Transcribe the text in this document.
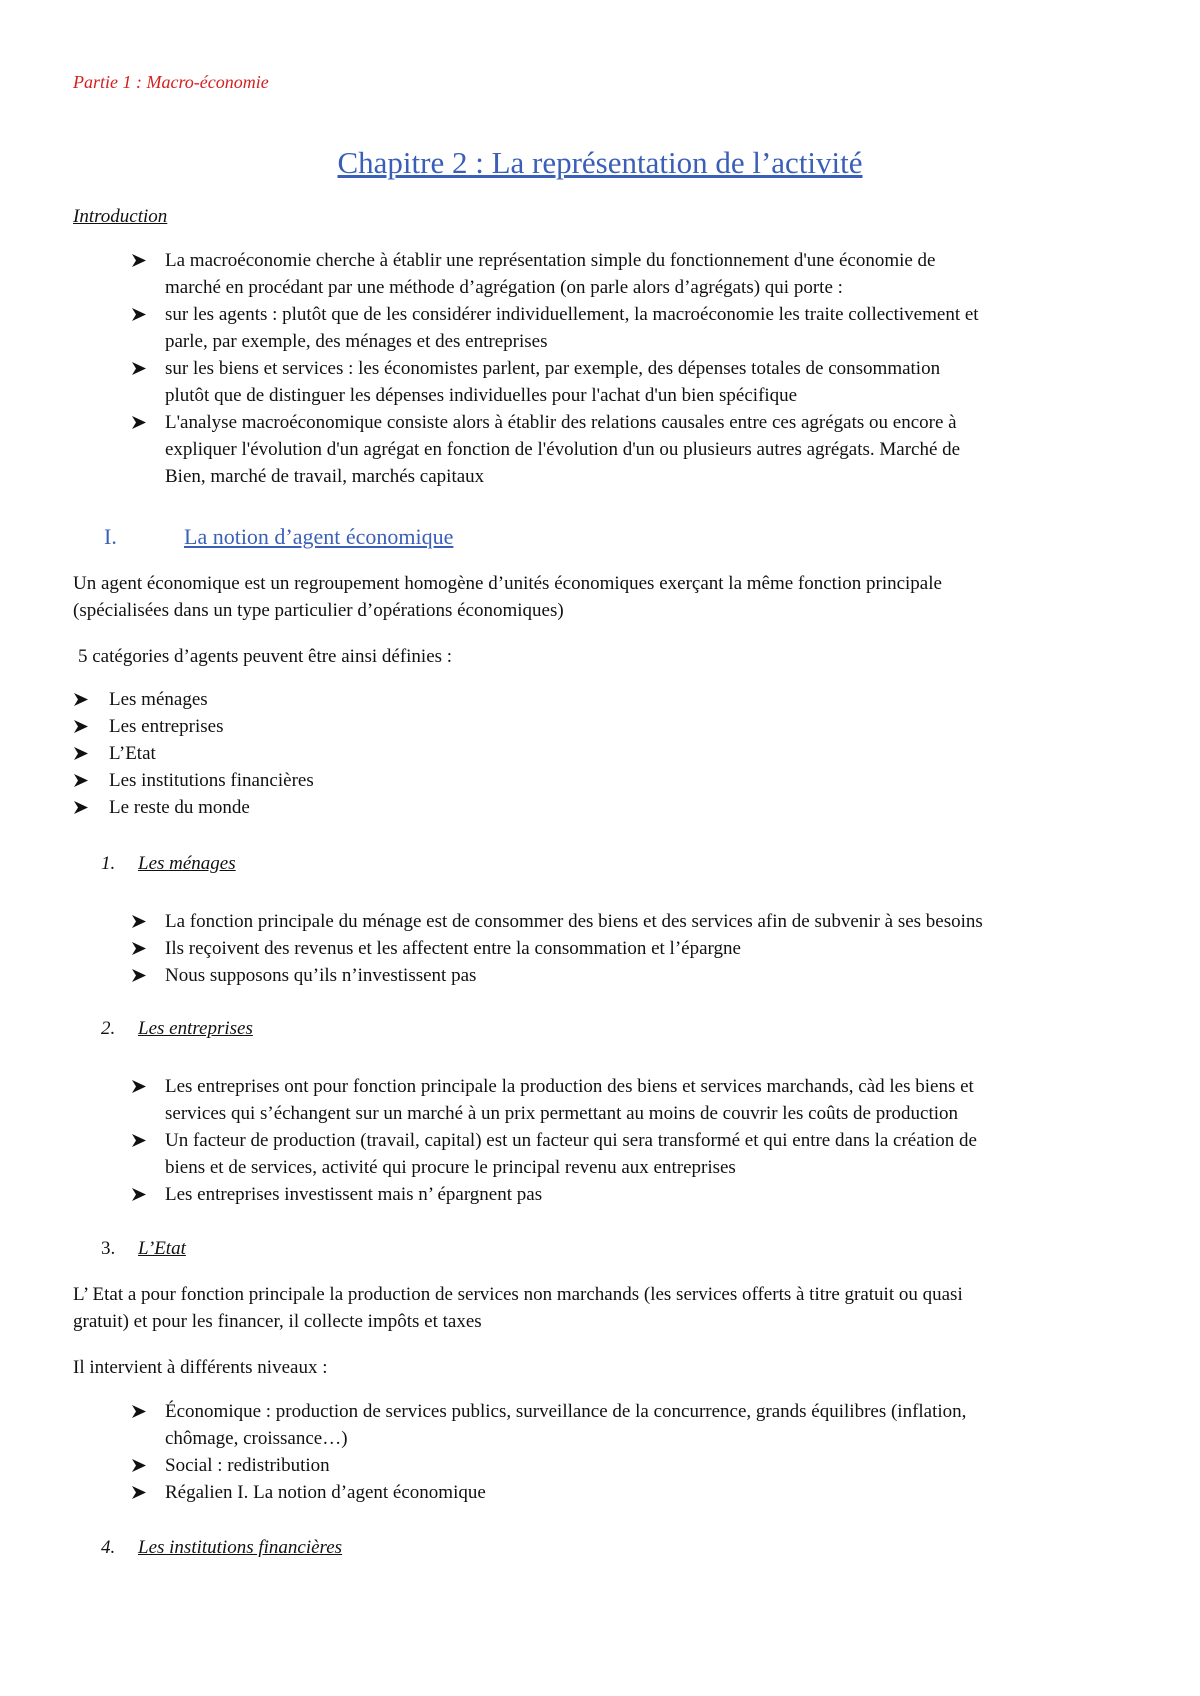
Partie 1 : Macro-économie
Chapitre 2 : La représentation de l’activité
Introduction
La macroéconomie cherche à établir une représentation simple du fonctionnement d'une économie de
marché en procédant par une méthode d’agrégation (on parle alors d’agrégats) qui porte :
sur les agents : plutôt que de les considérer individuellement, la macroéconomie les traite collectivement et
parle, par exemple, des ménages et des entreprises
sur les biens et services : les économistes parlent, par exemple, des dépenses totales de consommation
plutôt que de distinguer les dépenses individuelles pour l'achat d'un bien spécifique
L'analyse macroéconomique consiste alors à établir des relations causales entre ces agrégats ou encore à
expliquer l'évolution d'un agrégat en fonction de l'évolution d'un ou plusieurs autres agrégats. Marché de
Bien, marché de travail, marchés capitaux
I.	La notion d’agent économique
Un agent économique est un regroupement homogène d’unités économiques exerçant la même fonction principale
(spécialisées dans un type particulier d’opérations économiques)
5 catégories d’agents peuvent être ainsi définies :
Les ménages
Les entreprises
L’Etat
Les institutions financières
Le reste du monde
1. Les ménages
La fonction principale du ménage est de consommer des biens et des services afin de subvenir à ses besoins
Ils reçoivent des revenus et les affectent entre la consommation et l’épargne
Nous supposons qu’ils n’investissent pas
2. Les entreprises
Les entreprises ont pour fonction principale la production des biens et services marchands, càd les biens et
services qui s’échangent sur un marché à un prix permettant au moins de couvrir les coûts de production
Un facteur de production (travail, capital) est un facteur qui sera transformé et qui entre dans la création de
biens et de services, activité qui procure le principal revenu aux entreprises
Les entreprises investissent mais n’ épargnent pas
3. L’Etat
L’ Etat a pour fonction principale la production de services non marchands (les services offerts à titre gratuit ou quasi
gratuit) et pour les financer, il collecte impôts et taxes
Il intervient à différents niveaux :
Économique : production de services publics, surveillance de la concurrence, grands équilibres (inflation,
chômage, croissance…)
Social : redistribution
Régalien I. La notion d’agent économique
4. Les institutions financières
